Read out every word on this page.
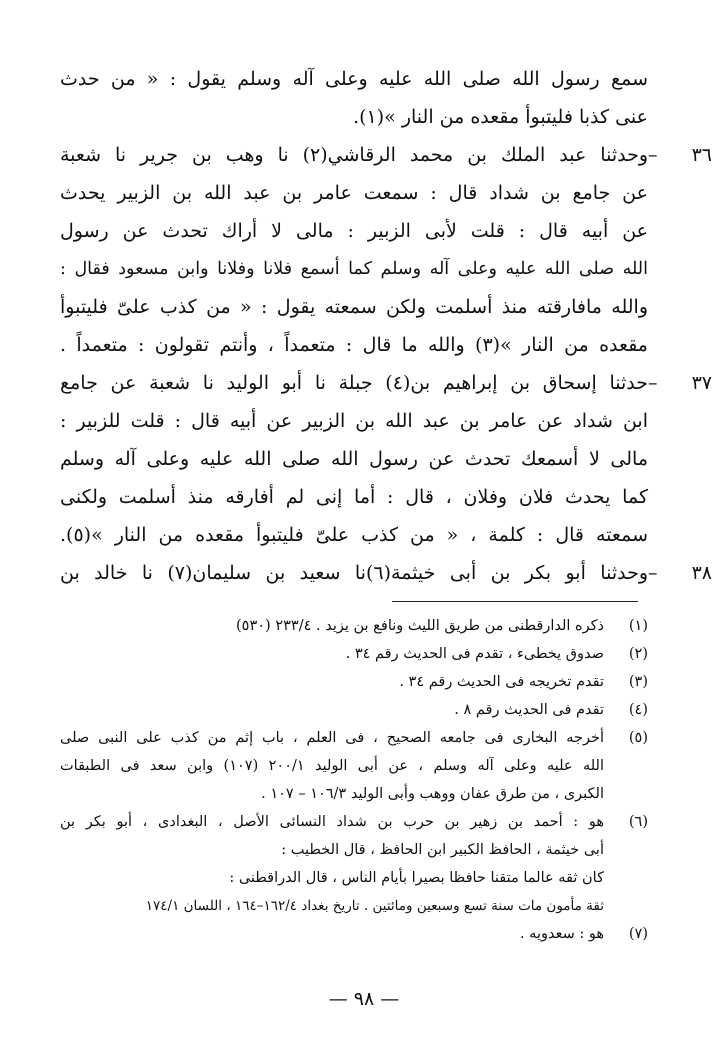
سمع رسول الله صلى الله عليه وعلى آله وسلم يقول : « من حدث
عنى كذبا فليتبوأ مقعده من النار »(١).
٣٦ –وحدثنا عبد الملك بن محمد الرقاشي(٢) نا وهب بن جرير نا شعبة
عن جامع بن شداد قال : سمعت عامر بن عبد الله بن الزبير يحدث
عن أبيه قال : قلت لأبى الزبير : مالى لا أراك تحدث عن رسول
الله صلى الله عليه وعلى آله وسلم كما أسمع فلانا وفلانا وابن مسعود فقال :
والله مافارقته منذ أسلمت ولكن سمعته يقول : « من كذب علىّ فليتبوأ
مقعده من النار »(٣) والله ما قال : متعمداً ، وأنتم تقولون : متعمداً .
٣٧ –حدثنا إسحاق بن إبراهيم بن(٤) جبلة نا أبو الوليد نا شعبة عن جامع
ابن شداد عن عامر بن عبد الله بن الزبير عن أبيه قال : قلت للزبير :
مالى لا أسمعك تحدث عن رسول الله صلى الله عليه وعلى آله وسلم
كما يحدث فلان وفلان ، قال : أما إنى لم أفارقه منذ أسلمت ولكنى
سمعته قال : كلمة ، « من كذب علىّ فليتبوأ مقعده من النار »(٥).
٣٨ –وحدثنا أبو بكر بن أبى خيثمة(٦)نا سعيد بن سليمان(٧) نا خالد بن
(١)
ذكره الدارقطنى من طريق الليث ونافع بن يزيد . ٢٣٣/٤ (٥٣٠)
(٢)
صدوق يخطىء ، تقدم فى الحديث رقم ٣٤ .
(٣)
تقدم تخريجه فى الحديث رقم ٣٤ .
(٤)
تقدم فى الحديث رقم ٨ .
(٥)
أخرجه البخارى فى جامعه الصحيح ، فى العلم ، باب إثم من كذب على النبى صلى
الله عليه وعلى آله وسلم ، عن أبى الوليد ٢٠٠/١ (١٠٧) وابن سعد فى الطبقات
الكبرى ، من طرق عفان ووهب وأبى الوليد ١٠٦/٣ – ١٠٧ .
(٦)
هو : أحمد بن زهير بن حرب بن شداد النسائى الأصل ، البغدادى ، أبو بكر بن
أبى خيثمة ، الحافظ الكبير ابن الحافظ ، قال الخطيب :
كان ثقه عالما متقنا حافظا بصيرا بأيام الناس ، قال الدراقطنى :
ثقة مأمون مات سنة تسع وسبعين ومائتين . تاريخ بغداد ١٦٢/٤–١٦٤ ، اللسان ١٧٤/١
(٧)
هو : سعدويه .
— ٩٨ —
